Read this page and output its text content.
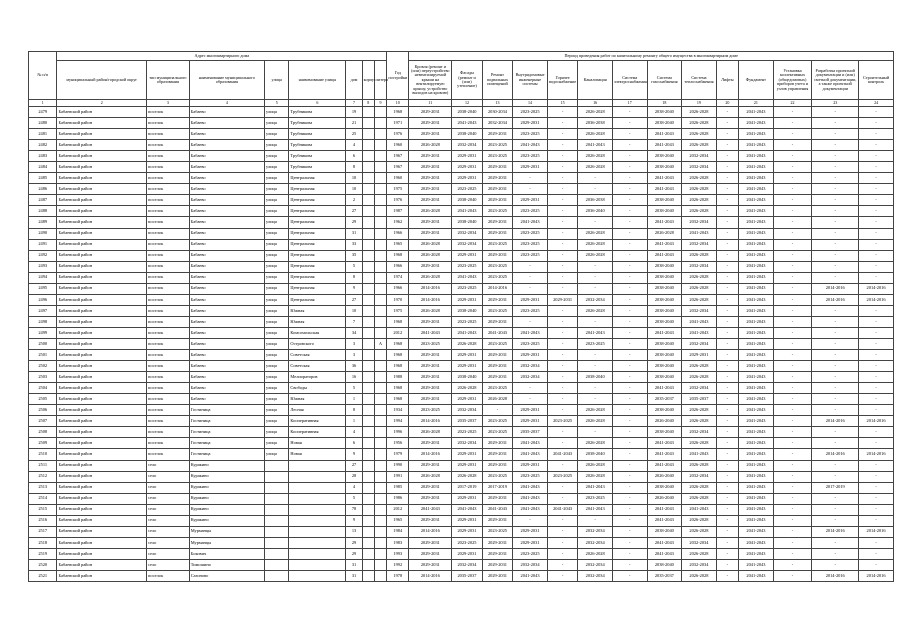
№ п/п	Адрес многоквартирного дома								Год постройки	Период проведения работ по капитальному ремонту общего имущества в многоквартирном доме													
	муниципальный район/городской округ	тип муниципального образования	наименование муниципального образования	улица	наименование улицы	дом	корпус	литера		Кровля (ремонт и (или) переустройство невентилируемой крыши на вентилируемую крышу, устройство выходов на кровлю)	Фасады (ремонт и (или) утепление)	Ремонт подвальных помещений	Внутридомовые инженерные системы	Горячее водоснабжение	Канализация	Система электроснабжения	Система газоснабжения	Система теплоснабжения	Лифты	Фундамент	Установка коллективных (общедомовых) приборов учета и узлов управления	Разработка проектной документации и (или) сметной документации, а также проектной документации	Строительный контроль
1	2	3	4	5	6	7	8	9	10	11	12	13	14	15	16	17	18	19	20	21	22	23	24
2479	Бабаевский район	поселок	Бабаево	улица	Трубникова	19			1968	2029-2031	2038-2040	2030-2034	2023-2025	-	2026-2028	-	2038-2040	2026-2028	-	2041-2043	-	-	-
2480	Бабаевский район	поселок	Бабаево	улица	Трубникова	21			1971	2029-2031	2041-2043	2032-2034	2029-2031	-	2036-2038	-	2038-2040	2026-2028	-	2041-2043	-	-	-
2481	Бабаевский район	поселок	Бабаево	улица	Трубникова	25			1976	2029-2031	2038-2040	2029-2031	2023-2025	-	2026-2028	-	2041-2043	2026-2028	-	2041-2043	-	-	-
2482	Бабаевский район	поселок	Бабаево	улица	Трубникова	4			1960	2026-2028	2032-2034	2023-2025	2041-2043	-	2041-2043	-	2041-2043	2026-2028	-	2041-2043	-	-	-
2483	Бабаевский район	поселок	Бабаево	улица	Трубникова	6			1967	2029-2031	2029-2031	2023-2025	2023-2025	-	2026-2028	-	2038-2040	2032-2034	-	2041-2043	-	-	-
2484	Бабаевский район	поселок	Бабаево	улица	Трубникова	8			1967	2029-2031	2029-2031	2029-2031	2029-2031	-	2026-2028	-	2038-2040	2032-2034	-	2041-2043	-	-	-
2485	Бабаевский район	поселок	Бабаево	улица	Центральная	10			1960	2029-2031	2029-2031	2029-2031	-	-	-	-	2041-2043	2026-2028	-	2041-2043	-	-	-
2486	Бабаевский район	поселок	Бабаево	улица	Центральная	10			1975	2029-2031	2023-2025	2029-2031	-	-	-	-	2041-2043	2026-2028	-	2041-2043	-	-	-
2487	Бабаевский район	поселок	Бабаево	улица	Центральная	2			1976	2029-2031	2038-2040	2029-2031	2029-2031	-	2036-2038	-	2038-2040	2026-2028	-	2041-2043	-	-	-
2488	Бабаевский район	поселок	Бабаево	улица	Центральная	27			1987	2026-2028	2041-2043	2023-2025	2023-2025	-	2036-2040	-	2038-2040	2026-2028	-	2041-2043	-	-	-
2489	Бабаевский район	поселок	Бабаево	улица	Центральная	29			1962	2029-2031	2038-2040	2029-2031	2041-2043	-	-	-	2041-2043	2032-2034	-	2041-2043	-	-	-
2490	Бабаевский район	поселок	Бабаево	улица	Центральная	31			1966	2029-2031	2032-2034	2029-2031	2023-2025	-	2026-2028	-	2026-2028	2041-2043	-	2041-2043	-	-	-
2491	Бабаевский район	поселок	Бабаево	улица	Центральная	33			1965	2026-2028	2032-2034	2023-2025	2023-2025	-	2026-2028	-	2041-2043	2032-2034	-	2041-2043	-	-	-
2492	Бабаевский район	поселок	Бабаево	улица	Центральная	35			1968	2026-2028	2029-2031	2029-2031	2023-2025	-	2026-2028	-	2041-2043	2026-2028	-	2041-2043	-	-	-
2493	Бабаевский район	поселок	Бабаево	улица	Центральная	5			1966	2029-2031	2023-2025	2023-2025	-	-	-	-	2038-2040	2032-2034	-	2041-2043	-	-	-
2494	Бабаевский район	поселок	Бабаево	улица	Центральная	8			1974	2026-2028	2041-2043	2023-2025	-	-	-	-	2038-2040	2026-2028	-	2041-2043	-	-	-
2495	Бабаевский район	поселок	Бабаево	улица	Центральная	9			1966	2014-2016	2023-2025	2014-2016	-	-	-	-	2038-2040	2026-2028	-	2041-2043	-	2014-2016	2014-2016
2496	Бабаевский район	поселок	Бабаево	улица	Центральная	27			1970	2014-2016	2029-2031	2029-2031	2029-2031	2029-2031	2032-2034	-	2038-2040	2026-2028	-	2041-2043	-	2014-2016	2014-2016
2497	Бабаевский район	поселок	Бабаево	улица	Южная	10			1975	2026-2028	2038-2040	2023-2025	2023-2025	-	2026-2028	-	2038-2040	2032-2034	-	2041-2043	-	-	-
2498	Бабаевский район	поселок	Бабаево	улица	Южная	7			1968	2029-2031	2023-2025	2029-2031	-	-	-	-	2038-2040	2041-2043	-	2041-2043	-	-	-
2499	Бабаевский район	поселок	Бабаево	улица	Комсомольская	34			2012	2041-2043	2041-2043	2041-2043	2041-2043	-	2041-2043	-	2041-2043	2041-2043	-	2041-2043	-	-	-
2500	Бабаевский район	поселок	Бабаево	улица	Островского	3		А	1968	2023-2025	2026-2028	2023-2025	2023-2025	-	2023-2025	-	2038-2040	2032-2034	-	2041-2043	-	-	-
2501	Бабаевский район	поселок	Бабаево	улица	Советская	3			1968	2029-2031	2029-2031	2029-2031	2029-2031	-	-	-	2038-2040	2029-2031	-	2041-2043	-	-	-
2502	Бабаевский район	поселок	Бабаево	улица	Советская	36			1968	2029-2031	2029-2031	2029-2031	2032-2034	-	-	-	2038-2040	2026-2028	-	2041-2043	-	-	-
2503	Бабаевский район	поселок	Бабаево	улица	Мелиораторов	16			1988	2029-2031	2038-2040	2029-2031	2032-2034	-	2038-2040	-	2038-2040	2026-2028	-	2041-2043	-	-	-
2504	Бабаевский район	поселок	Бабаево	улица	Свободы	5			1968	2029-2031	2026-2028	2023-2025	-	-	-	-	2041-2043	2032-2034	-	2041-2043	-	-	-
2505	Бабаевский район	поселок	Бабаево	улица	Южная	1			1968	2029-2031	2029-2031	2026-2028	-	-	-	-	2035-2037	2035-2037	-	2041-2043	-	-	-
2506	Бабаевский район	поселок	Гостиница	улица	Лесная	8			1934	2023-2025	2032-2034	-	2029-2031	-	2026-2028	-	2038-2040	2026-2028	-	2041-2043	-	-	-
2507	Бабаевский район	поселок	Гостиница	улица	Кооперативная	1			1994	2014-2016	2035-2037	2023-2025	2029-2031	2023-2025	2026-2028	-	2026-2040	2026-2028	-	2041-2043	-	2014-2016	2014-2016
2508	Бабаевский район	поселок	Гостиница	улица	Кооперативная	4			1996	2026-2028	2023-2025	2023-2025	2035-2037	-	-	-	2038-2040	2032-2034	-	2041-2043	-	-	-
2509	Бабаевский район	поселок	Гостиница	улица	Новая	6			1956	2029-2031	2032-2034	2029-2031	2041-2043	-	2026-2028	-	2041-2043	2026-2028	-	2041-2043	-	-	-
2510	Бабаевский район	поселок	Гостиница	улица	Новая	9			1979	2014-2016	2029-2031	2029-2031	2041-2043	2041-2043	2038-2040	-	2041-2043	2041-2043	-	2041-2043	-	2014-2016	2014-2016
2511	Бабаевский район	село	Куракино			27			1990	2029-2031	2029-2031	2029-2031	2029-2031	-	2026-2028	-	2041-2043	2026-2028	-	2041-2043	-	-	-
2512	Бабаевский район	село	Куракино			28			1991	2026-2028	2026-2028	2023-2025	2023-2025	2023-2025	2026-2028	-	2026-2040	2032-2034	-	2041-2043	-	-	-
2513	Бабаевский район	село	Куракино			4			1985	2029-2031	2017-2019	2017-2019	2041-2043	-	2041-2043	-	2038-2040	2026-2028	-	2041-2043	-	2017-2019	-
2514	Бабаевский район	село	Куракино			5			1986	2029-2031	2029-2031	2029-2031	2041-2043	-	2023-2025	-	2026-2040	2026-2028	-	2041-2043	-	-	-
2515	Бабаевский район	село	Куракино			78			2012	2041-2043	2041-2043	2041-2043	2041-2043	2041-2043	2041-2043	-	2041-2043	2041-2043	-	2041-2043	-	-	-
2516	Бабаевский район	село	Куракино			9			1965	2029-2031	2029-2031	2029-2031	-	-	-	-	2041-2043	2026-2028	-	2041-2043	-	-	-
2517	Бабаевский район	село	Мурманцы			13			1984	2014-2016	2029-2031	2023-2025	2029-2031	-	2032-2034	-	2038-2040	2026-2028	-	2041-2043	-	2014-2016	2014-2016
2518	Бабаевский район	село	Мурманцы			29			1983	2029-2031	2023-2025	2029-2031	2029-2031	-	2032-2034	-	2041-2043	2032-2034	-	2041-2043	-	-	-
2519	Бабаевский район	село	Бокович			29			1993	2029-2031	2029-2031	2029-2031	2023-2025	-	2026-2028	-	2041-2043	2026-2028	-	2041-2043	-	-	-
2520	Бабаевский район	село	Тимошино			31			1992	2029-2031	2032-2034	2029-2031	2032-2034	-	2032-2034	-	2038-2040	2032-2034	-	2041-2043	-	-	-
2521	Бабаевский район	поселок	Сазоново			31			1978	2014-2016	2035-2037	2029-2031	2041-2043	-	2032-2034	-	2035-2037	2026-2028	-	2041-2043	-	2014-2016	2014-2016
